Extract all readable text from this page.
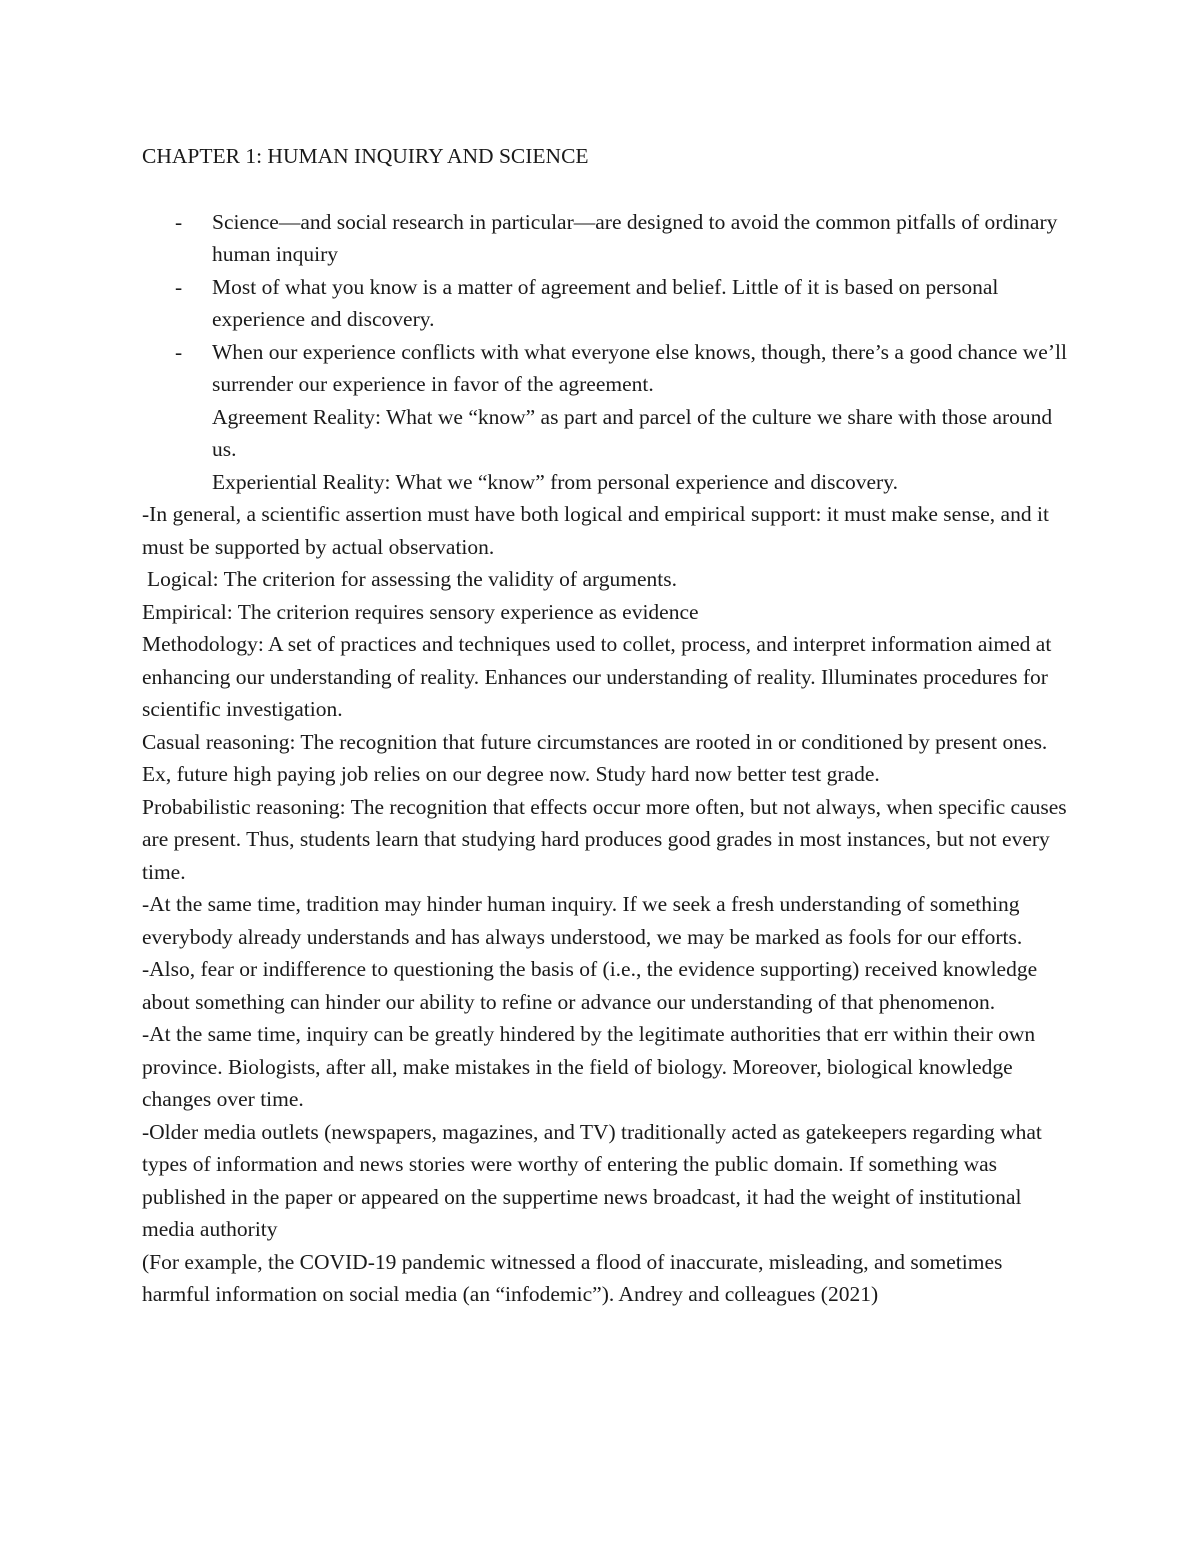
CHAPTER 1: HUMAN INQUIRY AND SCIENCE
- Science—and social research in particular—are designed to avoid the common pitfalls of ordinary human inquiry
- Most of what you know is a matter of agreement and belief. Little of it is based on personal experience and discovery.
- When our experience conflicts with what everyone else knows, though, there’s a good chance we’ll surrender our experience in favor of the agreement.

Agreement Reality: What we “know” as part and parcel of the culture we share with those around us.

Experiential Reality: What we “know” from personal experience and discovery.

-In general, a scientific assertion must have both logical and empirical support: it must make sense, and it must be supported by actual observation.

Logical: The criterion for assessing the validity of arguments.

Empirical: The criterion requires sensory experience as evidence

Methodology: A set of practices and techniques used to collet, process, and interpret information aimed at enhancing our understanding of reality. Enhances our understanding of reality. Illuminates procedures for scientific investigation.

Casual reasoning: The recognition that future circumstances are rooted in or conditioned by present ones. Ex, future high paying job relies on our degree now. Study hard now better test grade.

Probabilistic reasoning: The recognition that effects occur more often, but not always, when specific causes are present. Thus, students learn that studying hard produces good grades in most instances, but not every time.

-At the same time, tradition may hinder human inquiry. If we seek a fresh understanding of something everybody already understands and has always understood, we may be marked as fools for our efforts.

-Also, fear or indifference to questioning the basis of (i.e., the evidence supporting) received knowledge about something can hinder our ability to refine or advance our understanding of that phenomenon.

-At the same time, inquiry can be greatly hindered by the legitimate authorities that err within their own province. Biologists, after all, make mistakes in the field of biology. Moreover, biological knowledge changes over time.

-Older media outlets (newspapers, magazines, and TV) traditionally acted as gatekeepers regarding what types of information and news stories were worthy of entering the public domain. If something was published in the paper or appeared on the suppertime news broadcast, it had the weight of institutional media authority

(For example, the COVID-19 pandemic witnessed a flood of inaccurate, misleading, and sometimes harmful information on social media (an “infodemic”). Andrey and colleagues (2021)
